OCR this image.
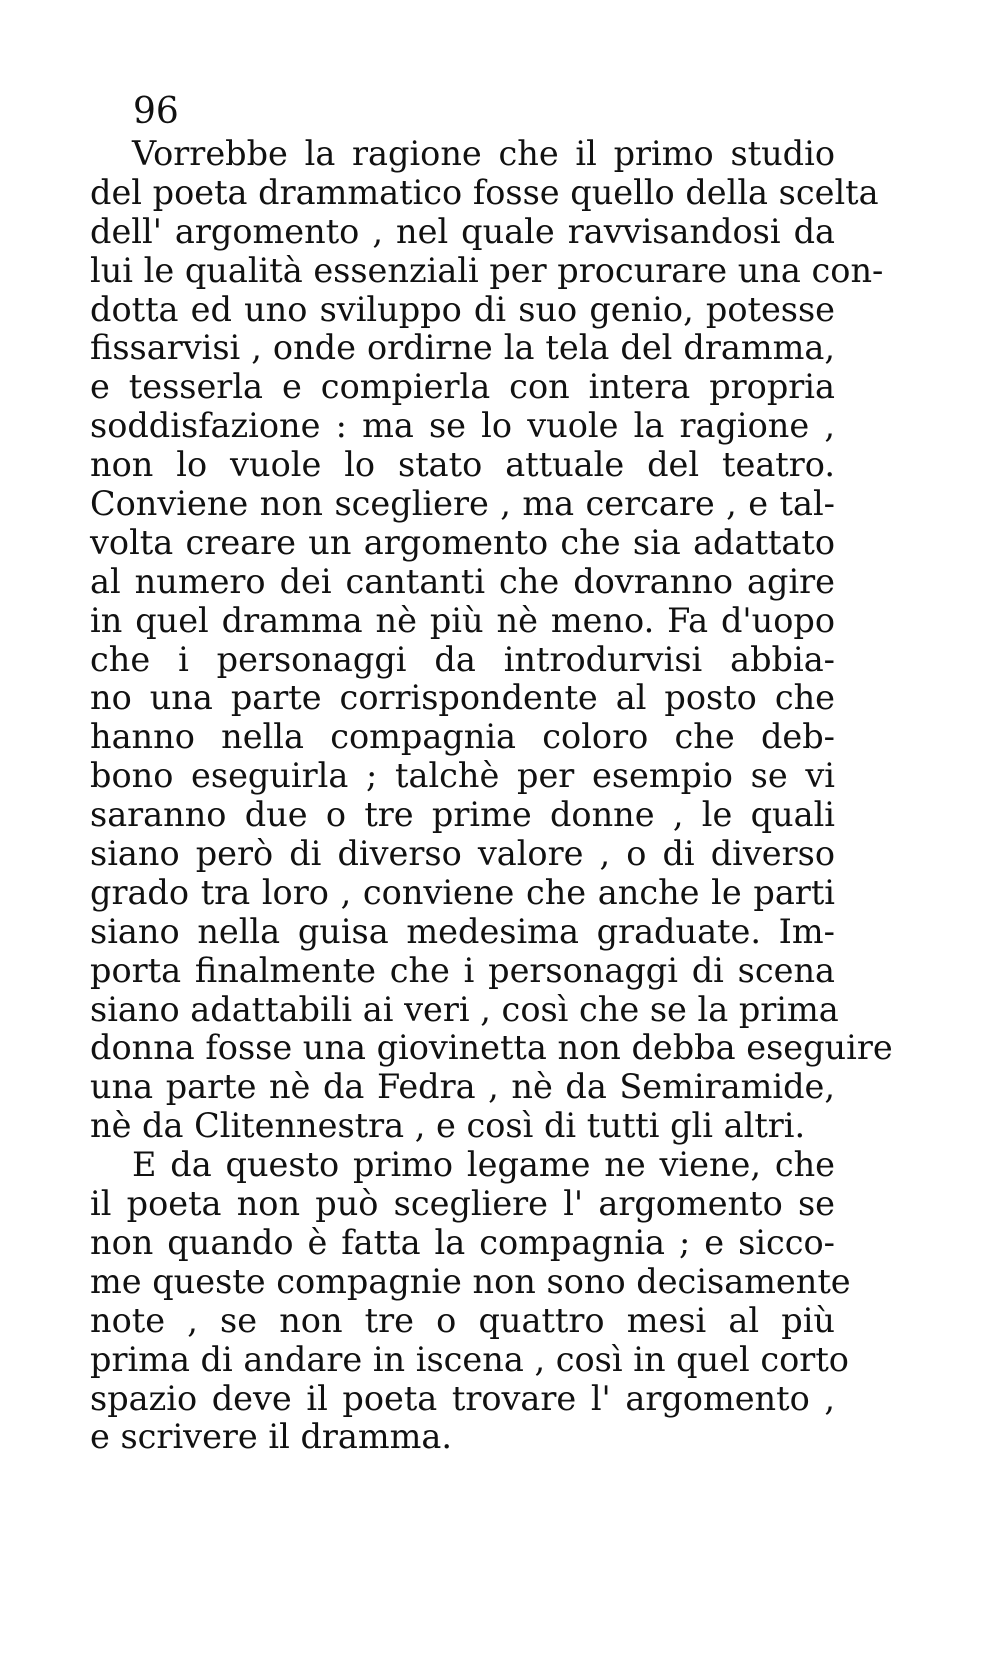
96
Vorrebbe la ragione che il primo studio
del poeta drammatico fosse quello della scelta
dell' argomento , nel quale ravvisandosi da
lui le qualità essenziali per procurare una con-
dotta ed uno sviluppo di suo genio, potesse
fissarvisi , onde ordirne la tela del dramma,
e tesserla e compierla con intera propria
soddisfazione : ma se lo vuole la ragione ,
non lo vuole lo stato attuale del teatro.
Conviene non scegliere , ma cercare , e tal-
volta creare un argomento che sia adattato
al numero dei cantanti che dovranno agire
in quel dramma nè più nè meno. Fa d'uopo
che i personaggi da introdurvisi abbia-
no una parte corrispondente al posto che
hanno nella compagnia coloro che deb-
bono eseguirla ; talchè per esempio se vi
saranno due o tre prime donne , le quali
siano però di diverso valore , o di diverso
grado tra loro , conviene che anche le parti
siano nella guisa medesima graduate. Im-
porta finalmente che i personaggi di scena
siano adattabili ai veri , così che se la prima
donna fosse una giovinetta non debba eseguire
una parte nè da Fedra , nè da Semiramide,
nè da Clitennestra , e così di tutti gli altri.
E da questo primo legame ne viene, che
il poeta non può scegliere l' argomento se
non quando è fatta la compagnia ; e sicco-
me queste compagnie non sono decisamente
note , se non tre o quattro mesi al più
prima di andare in iscena , così in quel corto
spazio deve il poeta trovare l' argomento ,
e scrivere il dramma.
